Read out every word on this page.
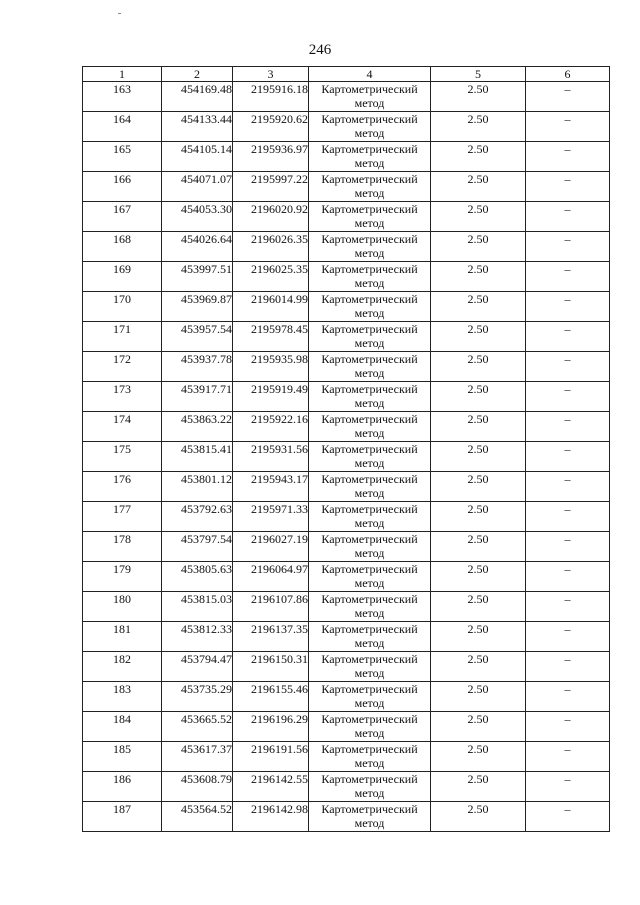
246
1	2	3	4	5	6
163	454169.48	2195916.18	Картометрический
метод	2.50	–
164	454133.44	2195920.62	Картометрический
метод	2.50	–
165	454105.14	2195936.97	Картометрический
метод	2.50	–
166	454071.07	2195997.22	Картометрический
метод	2.50	–
167	454053.30	2196020.92	Картометрический
метод	2.50	–
168	454026.64	2196026.35	Картометрический
метод	2.50	–
169	453997.51	2196025.35	Картометрический
метод	2.50	–
170	453969.87	2196014.99	Картометрический
метод	2.50	–
171	453957.54	2195978.45	Картометрический
метод	2.50	–
172	453937.78	2195935.98	Картометрический
метод	2.50	–
173	453917.71	2195919.49	Картометрический
метод	2.50	–
174	453863.22	2195922.16	Картометрический
метод	2.50	–
175	453815.41	2195931.56	Картометрический
метод	2.50	–
176	453801.12	2195943.17	Картометрический
метод	2.50	–
177	453792.63	2195971.33	Картометрический
метод	2.50	–
178	453797.54	2196027.19	Картометрический
метод	2.50	–
179	453805.63	2196064.97	Картометрический
метод	2.50	–
180	453815.03	2196107.86	Картометрический
метод	2.50	–
181	453812.33	2196137.35	Картометрический
метод	2.50	–
182	453794.47	2196150.31	Картометрический
метод	2.50	–
183	453735.29	2196155.46	Картометрический
метод	2.50	–
184	453665.52	2196196.29	Картометрический
метод	2.50	–
185	453617.37	2196191.56	Картометрический
метод	2.50	–
186	453608.79	2196142.55	Картометрический
метод	2.50	–
187	453564.52	2196142.98	Картометрический
метод	2.50	–
